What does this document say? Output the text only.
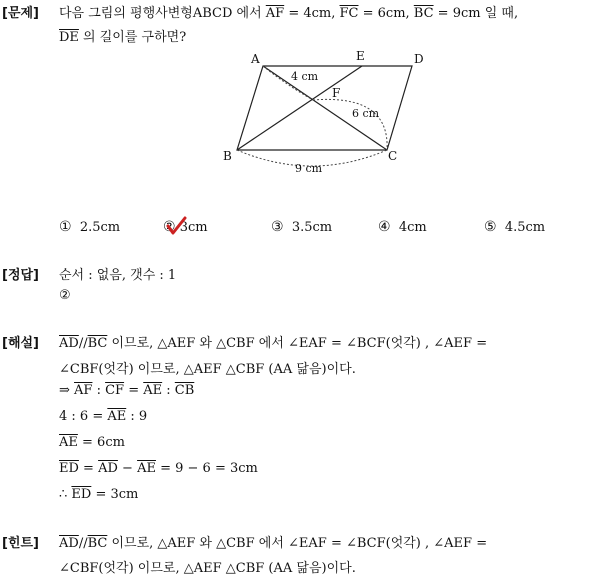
[문제] 다음 그림의 평행사변형ABCD 에서 $\overline{AF} = 4cm$, $\overline{FC} = 6cm$, $\overline{BC} = 9cm$ 일 때,
$\overline{DE}$ 의 길이를 구하면?
A
B	C
D
E
F
4 cm
6 cm
9 cm
① 2.5cm	② 3cm	③ 3.5cm	④ 4cm	⑤ 4.5cm
[정답] 순서 : 없음, 갯수 : 1
②
[해설] $\overline{AD}//\overline{BC}$ 이므로, △AEF 와 △CBF 에서 ∠EAF = ∠BCF(엇각) , ∠AEF =
∠CBF(엇각) 이므로, △AEF △CBF (AA 닮음)이다.
⇒ $\overline{AF}$ : $\overline{CF} = \overline{AE}$ : $\overline{CB}$
4 : $6 = \overline{AE}$ : 9
$\overline{AE} = 6cm$
$\overline{ED} = \overline{AD} - \overline{AE} = 9 - 6 = 3cm$
∴ $\overline{ED} = 3cm$
[힌트] $\overline{AD}//\overline{BC}$ 이므로, △AEF 와 △CBF 에서 ∠EAF = ∠BCF(엇각) , ∠AEF =
∠CBF(엇각) 이므로, △AEF △CBF (AA 닮음)이다.
